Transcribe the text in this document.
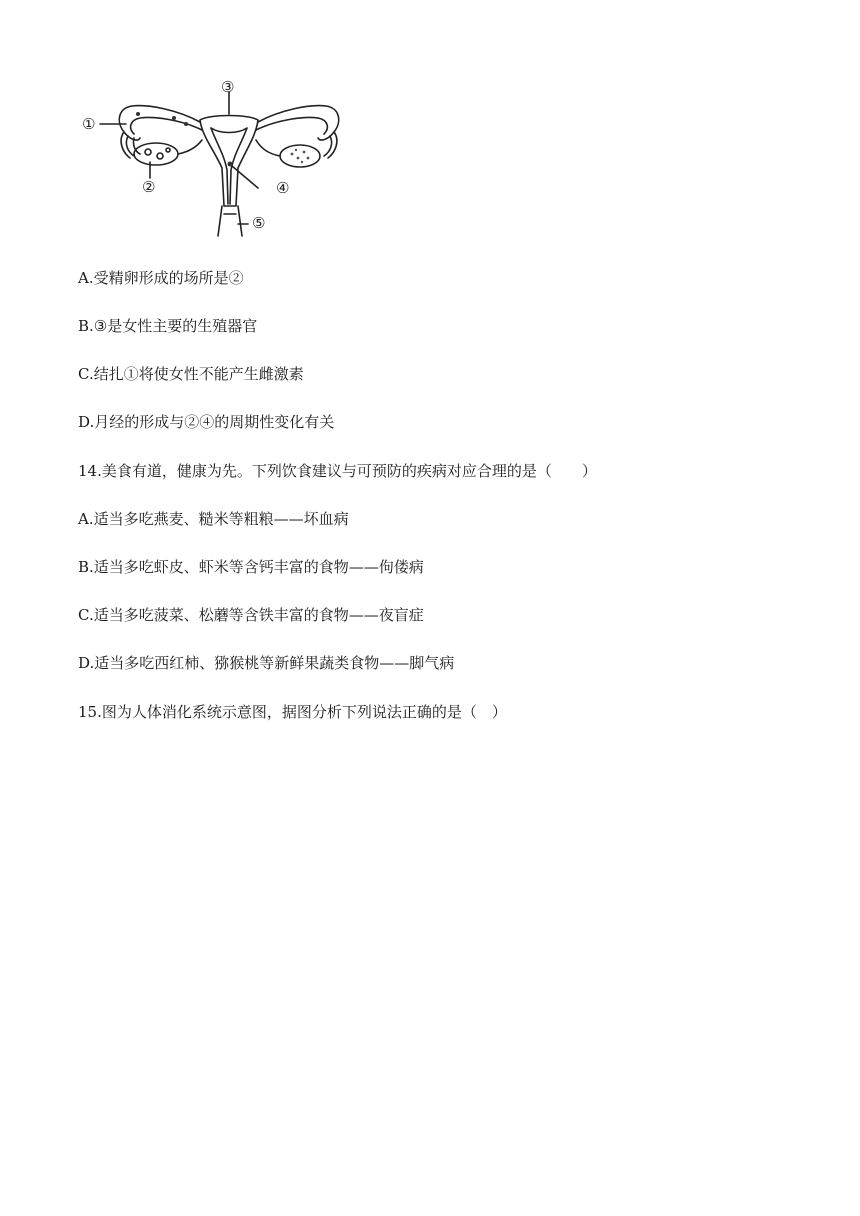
①
②
③
④
⑤
A.受精卵形成的场所是②
B.③是女性主要的生殖器官
C.结扎①将使女性不能产生雌激素
D.月经的形成与②④的周期性变化有关
14.美食有道，健康为先。下列饮食建议与可预防的疾病对应合理的是（　　）
A.适当多吃燕麦、糙米等粗粮——坏血病
B.适当多吃虾皮、虾米等含钙丰富的食物——佝偻病
C.适当多吃菠菜、松蘑等含铁丰富的食物——夜盲症
D.适当多吃西红柿、猕猴桃等新鲜果蔬类食物——脚气病
15.图为人体消化系统示意图，据图分析下列说法正确的是（　）
